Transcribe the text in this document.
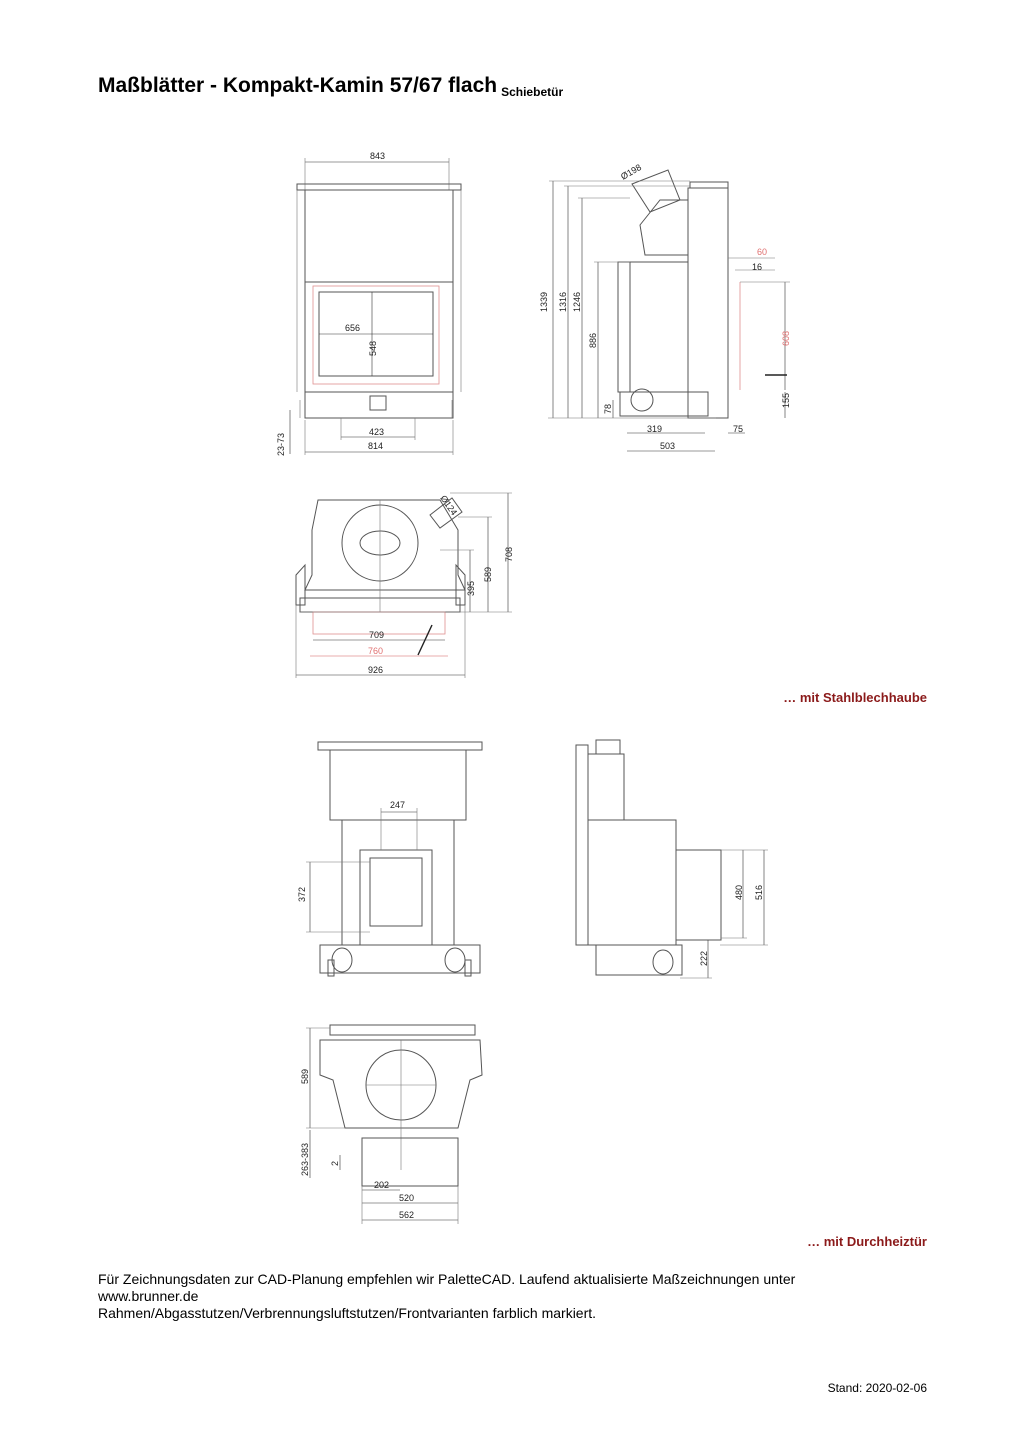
Maßblätter - Kompakt-Kamin 57/67 flach Schiebetür
843
656
548
423
814
23-73
Ø198
1339 1316 1246
886
78
319
503
75
60
16
608
155
Ø124
708
589
395
709
760
926
247
372	480 516
222
589
263-383 2
202
520
562
… mit Stahlblechhaube
… mit Durchheiztür
Für Zeichnungsdaten zur CAD-Planung empfehlen wir PaletteCAD. Laufend aktualisierte Maßzeichnungen unter
www.brunner.de
Rahmen/Abgasstutzen/Verbrennungsluftstutzen/Frontvarianten farblich markiert.
Stand: 2020-02-06
